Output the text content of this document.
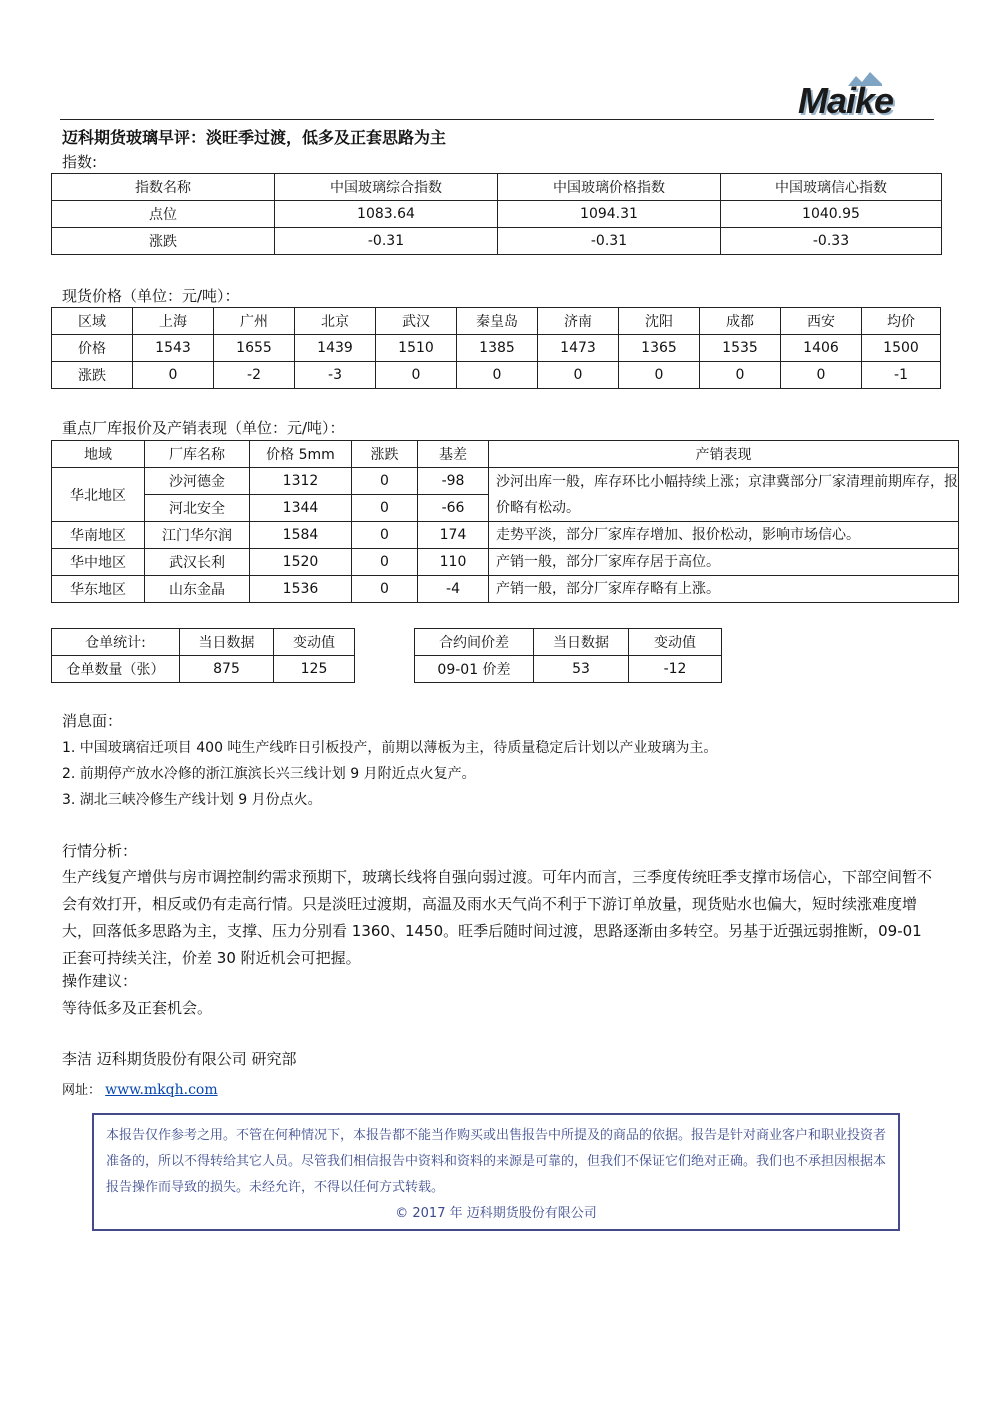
Maike
迈科期货玻璃早评：淡旺季过渡，低多及正套思路为主
指数:
指数名称	中国玻璃综合指数	中国玻璃价格指数	中国玻璃信心指数
点位	1083.64	1094.31	1040.95
涨跌	-0.31	-0.31	-0.33
现货价格（单位：元/吨）：
区域	上海	广州	北京	武汉	秦皇岛	济南	沈阳	成都	西安	均价
价格	1543	1655	1439	1510	1385	1473	1365	1535	1406	1500
涨跌	0	-2	-3	0	0	0	0	0	0	-1
重点厂库报价及产销表现（单位：元/吨）：
地域	厂库名称	价格 5mm	涨跌	基差	产销表现
华北地区	沙河德金	1312	0	-98	沙河出库一般，库存环比小幅持续上涨；京津冀部分厂家清理前期库存，报价略有松动。
	河北安全	1344	0	-66	
华南地区	江门华尔润	1584	0	174	走势平淡，部分厂家库存增加、报价松动，影响市场信心。
华中地区	武汉长利	1520	0	110	产销一般，部分厂家库存居于高位。
华东地区	山东金晶	1536	0	-4	产销一般，部分厂家库存略有上涨。
仓单统计:	当日数据	变动值
仓单数量（张）	875	125
合约间价差	当日数据	变动值
09-01 价差	53	-12
消息面：
1. 中国玻璃宿迁项目 400 吨生产线昨日引板投产，前期以薄板为主，待质量稳定后计划以产业玻璃为主。
2. 前期停产放水冷修的浙江旗滨长兴三线计划 9 月附近点火复产。
3. 湖北三峡冷修生产线计划 9 月份点火。
行情分析：
生产线复产增供与房市调控制约需求预期下，玻璃长线将自强向弱过渡。可年内而言，三季度传统旺季支撑市场信心，下部空间暂不会有效打开，相反或仍有走高行情。只是淡旺过渡期，高温及雨水天气尚不利于下游订单放量，现货贴水也偏大，短时续涨难度增大，回落低多思路为主，支撑、压力分别看 1360、1450。旺季后随时间过渡，思路逐渐由多转空。另基于近强远弱推断，09-01 正套可持续关注，价差 30 附近机会可把握。
操作建议：
等待低多及正套机会。
李洁 迈科期货股份有限公司 研究部
网址： www.mkqh.com
本报告仅作参考之用。不管在何种情况下，本报告都不能当作购买或出售报告中所提及的商品的依据。报告是针对商业客户和职业投资者准备的，所以不得转给其它人员。尽管我们相信报告中资料和资料的来源是可靠的，但我们不保证它们绝对正确。我们也不承担因根据本报告操作而导致的损失。未经允许，不得以任何方式转载。
© 2017 年 迈科期货股份有限公司
